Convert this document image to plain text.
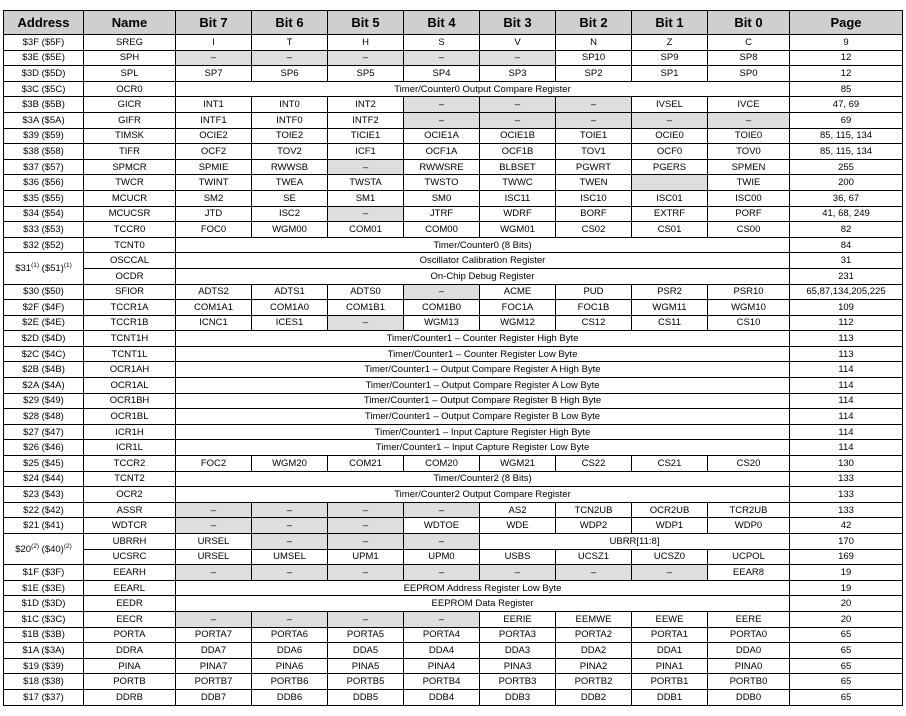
Address	Name	Bit 7	Bit 6	Bit 5	Bit 4	Bit 3	Bit 2	Bit 1	Bit 0	Page
$3F ($5F)	SREG	I	T	H	S	V	N	Z	C	9
$3E ($5E)	SPH	–	–	–	–	–	SP10	SP9	SP8	12
$3D ($5D)	SPL	SP7	SP6	SP5	SP4	SP3	SP2	SP1	SP0	12
$3C ($5C)	OCR0	Timer/Counter0 Output Compare Register								85
$3B ($5B)	GICR	INT1	INT0	INT2	–	–	–	IVSEL	IVCE	47, 69
$3A ($5A)	GIFR	INTF1	INTF0	INTF2	–	–	–	–	–	69
$39 ($59)	TIMSK	OCIE2	TOIE2	TICIE1	OCIE1A	OCIE1B	TOIE1	OCIE0	TOIE0	85, 115, 134
$38 ($58)	TIFR	OCF2	TOV2	ICF1	OCF1A	OCF1B	TOV1	OCF0	TOV0	85, 115, 134
$37 ($57)	SPMCR	SPMIE	RWWSB	–	RWWSRE	BLBSET	PGWRT	PGERS	SPMEN	255
$36 ($56)	TWCR	TWINT	TWEA	TWSTA	TWSTO	TWWC	TWEN		TWIE	200
$35 ($55)	MCUCR	SM2	SE	SM1	SM0	ISC11	ISC10	ISC01	ISC00	36, 67
$34 ($54)	MCUCSR	JTD	ISC2	–	JTRF	WDRF	BORF	EXTRF	PORF	41, 68, 249
$33 ($53)	TCCR0	FOC0	WGM00	COM01	COM00	WGM01	CS02	CS01	CS00	82
$32 ($52)	TCNT0	Timer/Counter0 (8 Bits)								84
$31$^{(1)}$ ($51)$^{(1)}$	OSCCAL	Oscillator Calibration Register								31
	OCDR	On-Chip Debug Register								231
$30 ($50)	SFIOR	ADTS2	ADTS1	ADTS0	–	ACME	PUD	PSR2	PSR10	65,87,134,205,225
$2F ($4F)	TCCR1A	COM1A1	COM1A0	COM1B1	COM1B0	FOC1A	FOC1B	WGM11	WGM10	109
$2E ($4E)	TCCR1B	ICNC1	ICES1	–	WGM13	WGM12	CS12	CS11	CS10	112
$2D ($4D)	TCNT1H	Timer/Counter1 – Counter Register High Byte								113
$2C ($4C)	TCNT1L	Timer/Counter1 – Counter Register Low Byte								113
$2B ($4B)	OCR1AH	Timer/Counter1 – Output Compare Register A High Byte								114
$2A ($4A)	OCR1AL	Timer/Counter1 – Output Compare Register A Low Byte								114
$29 ($49)	OCR1BH	Timer/Counter1 – Output Compare Register B High Byte								114
$28 ($48)	OCR1BL	Timer/Counter1 – Output Compare Register B Low Byte								114
$27 ($47)	ICR1H	Timer/Counter1 – Input Capture Register High Byte								114
$26 ($46)	ICR1L	Timer/Counter1 – Input Capture Register Low Byte								114
$25 ($45)	TCCR2	FOC2	WGM20	COM21	COM20	WGM21	CS22	CS21	CS20	130
$24 ($44)	TCNT2	Timer/Counter2 (8 Bits)								133
$23 ($43)	OCR2	Timer/Counter2 Output Compare Register								133
$22 ($42)	ASSR	–	–	–	–	AS2	TCN2UB	OCR2UB	TCR2UB	133
$21 ($41)	WDTCR	–	–	–	WDTOE	WDE	WDP2	WDP1	WDP0	42
$20$^{(2)}$ ($40)$^{(2)}$	UBRRH	URSEL	–	–	–	UBRR[11:8]				170
	UCSRC	URSEL	UMSEL	UPM1	UPM0	USBS	UCSZ1	UCSZ0	UCPOL	169
$1F ($3F)	EEARH	–	–	–	–	–	–	–	EEAR8	19
$1E ($3E)	EEARL	EEPROM Address Register Low Byte								19
$1D ($3D)	EEDR	EEPROM Data Register								20
$1C ($3C)	EECR	–	–	–	–	EERIE	EEMWE	EEWE	EERE	20
$1B ($3B)	PORTA	PORTA7	PORTA6	PORTA5	PORTA4	PORTA3	PORTA2	PORTA1	PORTA0	65
$1A ($3A)	DDRA	DDA7	DDA6	DDA5	DDA4	DDA3	DDA2	DDA1	DDA0	65
$19 ($39)	PINA	PINA7	PINA6	PINA5	PINA4	PINA3	PINA2	PINA1	PINA0	65
$18 ($38)	PORTB	PORTB7	PORTB6	PORTB5	PORTB4	PORTB3	PORTB2	PORTB1	PORTB0	65
$17 ($37)	DDRB	DDB7	DDB6	DDB5	DDB4	DDB3	DDB2	DDB1	DDB0	65
